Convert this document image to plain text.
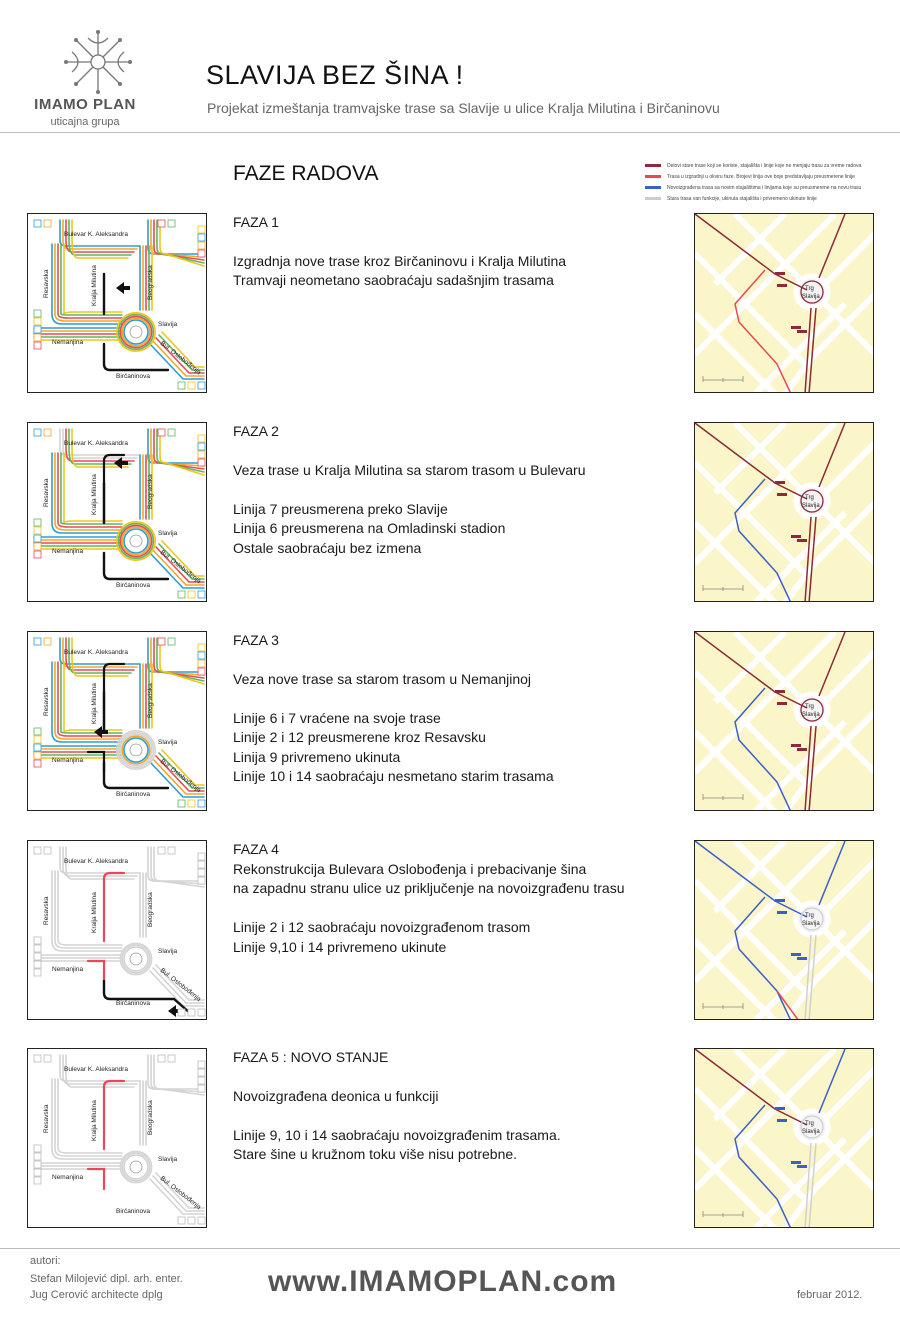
IMAMO PLAN
uticajna grupa
SLAVIJA BEZ ŠINA !
Projekat izmeštanja tramvajske trase sa Slavije u ulice Kralja Milutina i Birčaninovu
FAZE RADOVA	Delovi stare trase koji se koriste, stajališta i linije koje ne menjaju trasu za vreme radova
Trasa u izgradnji u okviru faze. Brojevi linija ove boje predstavljaju preusmerene linije
Novoizgrađena trasa sa novim stajalištima i linijama koje su preusmerene na novu trasu
Stara trasa van funkcije, ukinuta stajališta i privremeno ukinute linije
Bulevar K. Aleksandra
Resavska	Kralja Milutina	Beogradska
Slavija
Nemanjina	Bul. Oslobođenja
Birčaninova
FAZA 1
Izgradnja nove trase kroz Birčaninovu i Kralja Milutina
Tramvaji neometano saobraćaju sadašnjim trasama
Trg
Slavija
Bulevar K. Aleksandra
Resavska	Kralja Milutina	Beogradska
Slavija
Nemanjina	Bul. Oslobođenja
Birčaninova
FAZA 2
Veza trase u Kralja Milutina sa starom trasom u Bulevaru
Linija 7 preusmerena preko Slavije
Linija 6 preusmerena na Omladinski stadion
Ostale saobraćaju bez izmena
Trg
Slavija
Bulevar K. Aleksandra
Resavska	Kralja Milutina	Beogradska
Slavija
Nemanjina	Bul. Oslobođenja
Birčaninova
FAZA 3
Veza nove trase sa starom trasom u Nemanjinoj
Linije 6 i 7 vraćene na svoje trase
Linije 2 i 12 preusmerene kroz Resavsku
Linija 9 privremeno ukinuta
Linije 10 i 14 saobraćaju nesmetano starim trasama
Trg
Slavija
Bulevar K. Aleksandra
Resavska	Kralja Milutina	Beogradska
Slavija
Nemanjina	Bul. Oslobođenja
Birčaninova
FAZA 4
Rekonstrukcija Bulevara Oslobođenja i prebacivanje šina
na zapadnu stranu ulice uz priključenje na novoizgrađenu trasu
Linije 2 i 12 saobraćaju novoizgrađenom trasom
Linije 9,10 i 14 privremeno ukinute
Trg
Slavija
Bulevar K. Aleksandra
Resavska	Kralja Milutina	Beogradska
Slavija
Nemanjina	Bul. Oslobođenja
Birčaninova
FAZA 5 : NOVO STANJE
Novoizgrađena deonica u funkciji
Linije 9, 10 i 14 saobraćaju novoizgrađenim trasama.
Stare šine u kružnom toku više nisu potrebne.
Trg
Slavija
autori:
Stefan Milojević dipl. arh. enter.
Jug Cerović architecte dplg	www.IMAMOPLAN.com	februar 2012.
